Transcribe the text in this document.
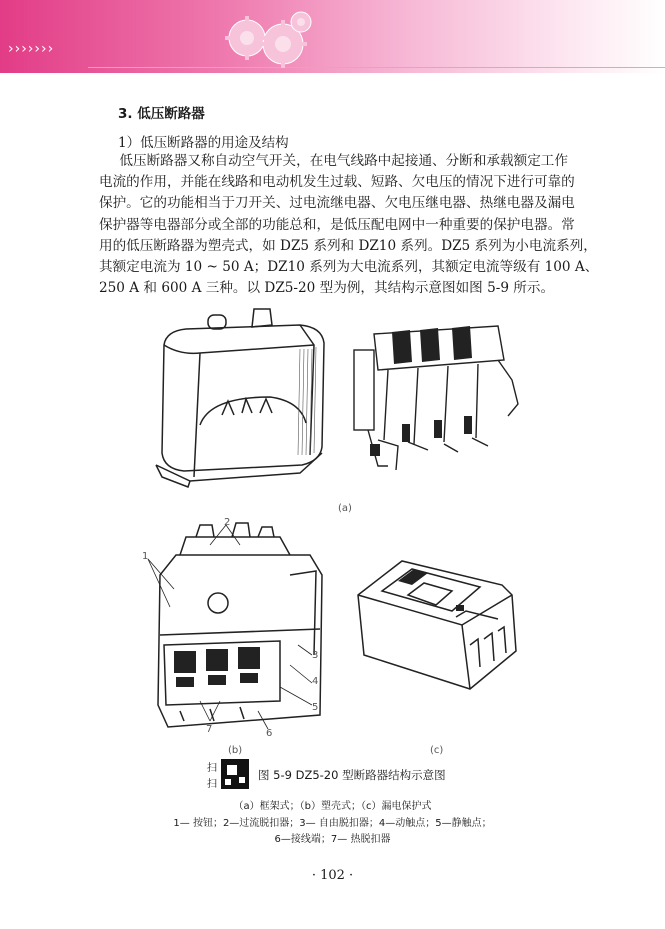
›››››››
3. 低压断路器
1）低压断路器的用途及结构

低压断路器又称自动空气开关，在电气线路中起接通、分断和承载额定工作

电流的作用，并能在线路和电动机发生过载、短路、欠电压的情况下进行可靠的
保护。它的功能相当于刀开关、过电流继电器、欠电压继电器、热继电器及漏电
保护器等电器部分或全部的功能总和，是低压配电网中一种重要的保护电器。常
用的低压断路器为塑壳式，如 DZ5 系列和 DZ10 系列。DZ5 系列为小电流系列，
其额定电流为 10 ~ 50 A；DZ10 系列为大电流系列，其额定电流等级有 100 A、
250 A 和 600 A 三种。以 DZ5-20 型为例，其结构示意图如图 5-9 所示。
(a)
1
2
3
4
5
6
7
(b)	(c)
扫
扫
图 5-9 DZ5-20 型断路器结构示意图
（a）框架式；（b）塑壳式；（c）漏电保护式
1— 按钮；2—过流脱扣器；3— 自由脱扣器；4—动触点；5—静触点；
6—接线端；7— 热脱扣器
· 102 ·
